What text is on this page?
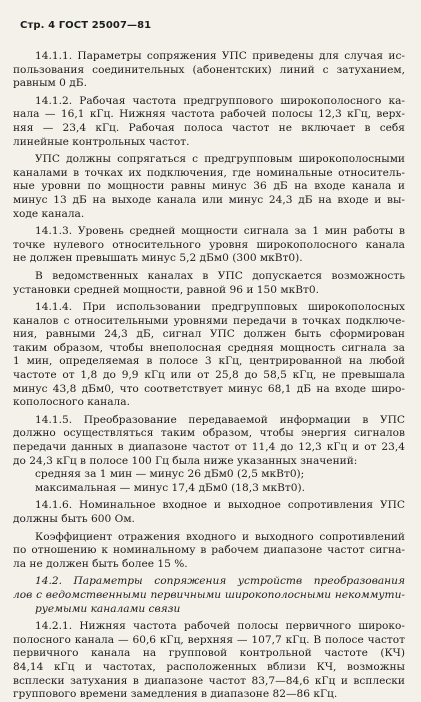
Стр. 4 ГОСТ 25007—81
14.1.1. Параметры сопряжения УПС приведены для случая ис-
пользования соединительных (абонентских) линий с затуханием,
равным 0 дБ.
14.1.2. Рабочая частота предгруппового широкополосного ка-
нала — 16,1 кГц. Нижняя частота рабочей полосы 12,3 кГц, верх-
няя — 23,4 кГц. Рабочая полоса частот не включает в себя
линейные контрольных частот.
УПС должны сопрягаться с предгрупповым широкополосными
каналами в точках их подключения, где номинальные относитель-
ные уровни по мощности равны минус 36 дБ на входе канала и
минус 13 дБ на выходе канала или минус 24,3 дБ на входе и вы-
ходе канала.
14.1.3. Уровень средней мощности сигнала за 1 мин работы в
точке нулевого относительного уровня широкополосного канала
не должен превышать минус 5,2 дБм0 (300 мкВт0).
В ведомственных каналах в УПС допускается возможность
установки средней мощности, равной 96 и 150 мкВт0.
14.1.4. При использовании предгрупповых широкополосных
каналов с относительными уровнями передачи в точках подключе-
ния, равными 24,3 дБ, сигнал УПС должен быть сформирован
таким образом, чтобы внеполосная средняя мощность сигнала за
1 мин, определяемая в полосе 3 кГц, центрированной на любой
частоте от 1,8 до 9,9 кГц или от 25,8 до 58,5 кГц, не превышала
минус 43,8 дБм0, что соответствует минус 68,1 дБ на входе широ-
кополосного канала.
14.1.5. Преобразование передаваемой информации в УПС
должно осуществляться таким образом, чтобы энергия сигналов
передачи данных в диапазоне частот от 11,4 до 12,3 кГц и от 23,4
до 24,3 кГц в полосе 100 Гц была ниже указанных значений:
средняя за 1 мин — минус 26 дБм0 (2,5 мкВт0);
максимальная — минус 17,4 дБм0 (18,3 мкВт0).
14.1.6. Номинальное входное и выходное сопротивления УПС
должны быть 600 Ом.
Коэффициент отражения входного и выходного сопротивлений
по отношению к номинальному в рабочем диапазоне частот сигна-
ла не должен быть более 15 %.
14.2. Параметры сопряжения устройств преобразования
лов с ведомственными первичными широкополосными некоммути-
руемыми каналами связи
14.2.1. Нижняя частота рабочей полосы первичного широко-
полосного канала — 60,6 кГц, верхняя — 107,7 кГц. В полосе частот
первичного канала на групповой контрольной частоте (КЧ)
84,14 кГц и частотах, расположенных вблизи КЧ, возможны
всплески затухания в диапазоне частот 83,7—84,6 кГц и всплески
группового времени замедления в диапазоне 82—86 кГц.
